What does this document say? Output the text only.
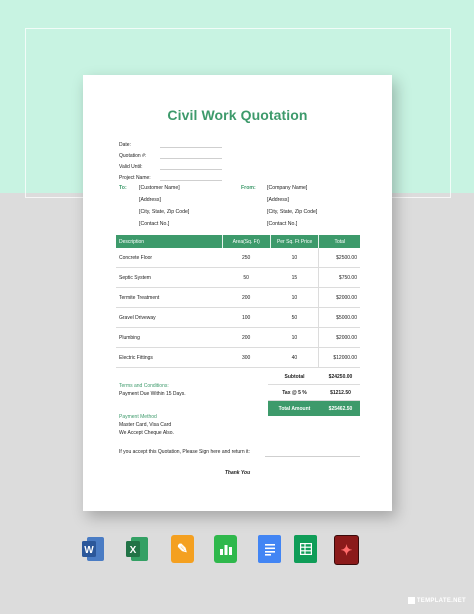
Civil Work Quotation
Date:
Quotation #:
Valid Until:
Project Name:
To: [Customer Name]
[Address]
[City, State, Zip Code]
[Contact No.]
From: [Company Name]
[Address]
[City, State, Zip Code]
[Contact No.]
Description	Area(Sq. Ft)	Per Sq. Ft Price	Total
Concrete Floor	250	10	$2500.00
Septic System	50	15	$750.00
Termite Treatment	200	10	$2000.00
Gravel Driveway	100	50	$5000.00
Plumbing	200	10	$2000.00
Electric Fittings	300	40	$12000.00
Subtotal	$24250.00
Tax @ 5 %	$1212.50
Total Amount	$25462.50
Terms and Conditions:
Payment Due Within 15 Days.
Payment Method
Master Card, Visa Card
We Accept Cheque Also.
If you accept this Quotation, Please Sign here and return it:
Thank You
W	X	✎	✦
TEMPLATE.NET
